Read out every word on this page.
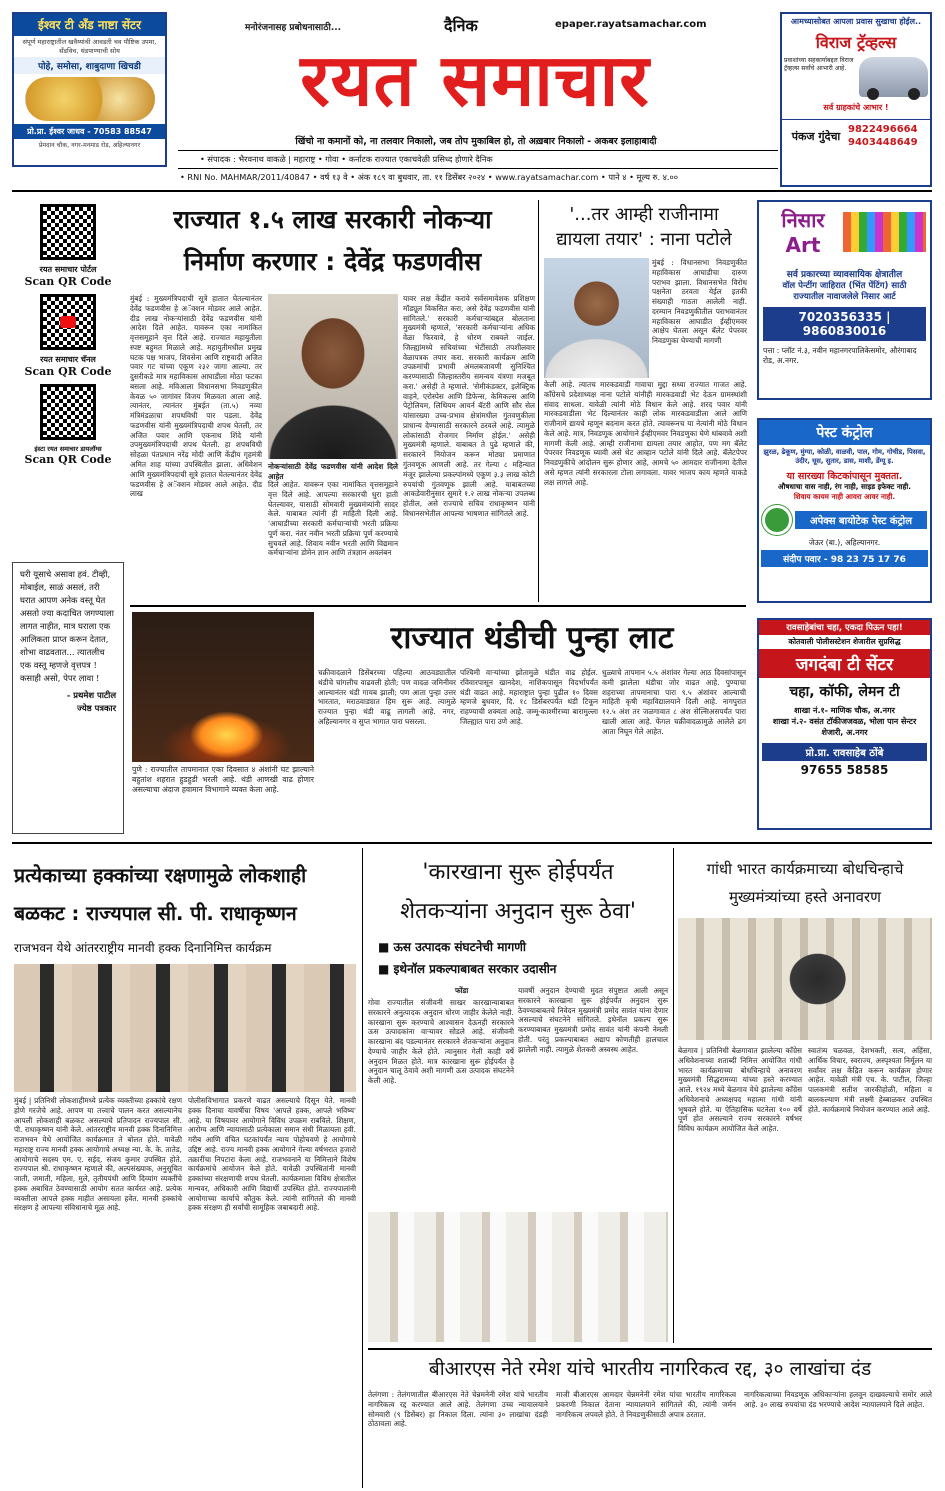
ईश्वर टी अँड नाष्टा सेंटर
संपूर्ण महाराष्ट्रातील खवैय्यांची आवडती चव पौष्टिक उपमा, सँडविच, थंडपाण्याची सोय
पोहे, समोसा, शाबुदाणा खिचडी
प्रो.प्रा. ईश्वर जाधव - 70583 88547
प्रेमदान चौक, नगर-मनमाड रोड, अहिल्यानगर
मनोरंजनासह प्रबोधनासाठी...	दैनिक	epaper.rayatsamachar.com
रयत समाचार
खिंचो ना कमानों को, ना तलवार निकालो, जब तोप मुकाबिल हो, तो अख़बार निकालो - अकबर इलाहाबादी
• संपादक : भैरवनाथ वाकळे | महाराष्ट्र • गोवा • कर्नाटक राज्यात एकाचवेळी प्रसिध्द होणारे दैनिक
• RNI No. MAHMAR/2011/40847 • वर्ष १३ वे • अंक १८९ वा बुधवार, ता. ११ डिसेंबर २०२४ • www.rayatsamachar.com • पाने ४ • मूल्य रु. ४.००
आमच्यासोबत आपला प्रवास सुखाचा होईल..
विराज ट्रॅव्हल्स
प्रवाशांच्या सहकार्याबद्दल विराज ट्रॅव्हल्स सर्वांचे आभारी आहे.
सर्व ग्राहकांचे आभार !
पंकज गुंदेचा 9822496664
9403448649
रयत समाचार पोर्टल
Scan QR Code
रयत समाचार चॅनल
Scan QR Code
इंस्टा रयत समाचार डायलॉग्स
Scan QR Code
राज्यात १.५ लाख सरकारी नोकऱ्या
निर्माण करणार : देवेंद्र फडणवीस
मुंबई : मुख्यमंत्रिपदाची सूत्रे हातात घेतल्यानंतर देवेंद्र फडणवीस हे अॅक्शन मोडवर आले आहेत. दीड लाख नोकऱ्यांसाठी देवेंद्र फडणवीस यांनी आदेश दिले आहेत. यावरून एका नामांकित वृत्तसमूहाने वृत्त दिले आहे. राज्यात महायुतीला स्पष्ट बहुमत मिळाले आहे. महायुतीमधील प्रमुख घटक पक्ष भाजप, शिवसेना आणि राष्ट्रवादी अजित पवार गट यांच्या एकूण २३२ जागा आल्या. तर दुसरीकडे मात्र महाविकास आघाडीला मोठा फटका बसला आहे. मविआला विधानसभा निवडणुकीत केवळ ५० जागांवर विजय मिळवता आला आहे. त्यानंतर, त्यानंतर मुंबईत (ता.५) नव्या मंत्रिमंडळाचा शपथविधी पार पडला. देवेंद्र फडणवीस यांनी मुख्यमंत्रिपदाची शपथ घेतली, तर अजित पवार आणि एकनाथ शिंदे यांनी उपमुख्यमंत्रिपदाची शपथ घेतली. हा शपथविधी सोहळा पंतप्रधान नरेंद्र मोदी आणि केंद्रीय गृहमंत्री अमित शाह यांच्या उपस्थितीत झाला. अधिवेशन आणि मुख्यमंत्रिपदाची सूत्रे हातात घेतल्यानंतर देवेंद्र फडणवीस हे अॅक्शन मोडवर आले आहेत. दीड लाख
नोकऱ्यांसाठी देवेंद्र फडणवीस यांनी आदेश दिले आहेत
दिले आहेत. यावरून एका नामांकित वृत्तसमूहाने वृत्त दिले आहे. आपल्या सरकारची धुरा हाती घेतल्यावर, यासाठी सोमवारी मुख्यमंत्र्यांनी सादर केले. याबाबत त्यांनी ही माहिती दिली आहे. 'आघाडीच्या सरकारी कर्मचाऱ्यांची भरती प्रक्रिया पूर्ण करा. नंतर नवीन भरती प्रक्रिया पूर्ण करण्याचे सुचवले आहे. शिवाय नवीन भरती आणि विद्यमान कर्मचाऱ्यांना डोमेन ज्ञान आणि तंत्रज्ञान अवलंबन
यावर लक्ष केंद्रीत करावे सर्वसमावेशक प्रशिक्षण मॉड्यूल विकसित करा, असे देवेंद्र फडणवीस यांनी सांगितले.' सरकारी कर्मचाऱ्यांबद्दल बोलताना मुख्यमंत्री म्हणाले, 'सरकारी कर्मचाऱ्यांना अधिक वेळा फिरवावे, हे धोरण राबवले जाईल. जिल्ह्यांमध्ये सचिवांच्या भेटींसाठी तपशीलवार वेळापत्रक तयार करा. सरकारी कार्यक्रम आणि उपक्रमांची प्रभावी अंमलबजावणी सुनिश्चित करण्यासाठी जिल्हास्तरीय समन्वय यंत्रणा मजबूत करा.' असेही ते म्हणाले. 'सेमीकंडक्टर, इलेक्ट्रिक वाहने, एरोस्पेस आणि डिफेन्स, केमिकल्स आणि पेट्रोलियम, लिथियम आयर्न बॅटरी आणि सौर सेल यांसारख्या उच्च-प्रभाव क्षेत्रांमधील गुंतवणुकीला प्राधान्य देण्यासाठी सरकारने ठरवले आहे. त्यामुळे लोकांसाठी रोजगार निर्माण होईल.' असेही मुख्यमंत्री म्हणाले. याबाबत ते पुढे म्हणाले की, सरकारने नियोजन करून मोठ्या प्रमाणात गुंतवणूक आणली आहे. तर गेल्या ८ महिन्यात मंजूर झालेल्या प्रकल्पांमध्ये एकूण ३.३ लाख कोटी रुपयांची गुंतवणूक झाली आहे. याबाबतच्या आकडेवारीनुसार सुमारे १.२ लाख नोकऱ्या उपलब्ध होतील, असे राज्याचे सचिव राधाकृष्णन यांनी विधानसभेतील आपल्या भाषणात सांगितले आहे.
'...तर आम्ही राजीनामा
द्यायला तयार' : नाना पटोले
मुंबई : विधानसभा निवडणुकीत महाविकास आघाडीचा दारुण पराभव झाला. विधानसभेत विरोध पक्षनेता ठरवता येईल इतकी संख्याही गाठता आलेली नाही. दरम्यान निवडणुकीतील पराभवानंतर महाविकास आघाडीत ईव्हीएमवर आक्षेप घेतला असून बॅलेट पेपरवर निवडणुका घेण्याची मागणी
केली आहे. त्यातच मारकडवाडी गावाचा मुद्दा सध्या राज्यात गाजत आहे. काँग्रेसचे प्रदेशाध्यक्ष नाना पटोले यांनीही मारकडवाडी भेट देऊन ग्रामस्थांशी संवाद साधला. यावेळी त्यांनी मोठे विधान केले आहे. शरद पवार यांनी मारकडवाडीला भेट दिल्यानंतर काही लोक मारकडवाडीला आले आणि राजीनामे द्यायचे म्हणून बदनाम करत होते. त्यावरूनच या नेत्यांनी मोठे विधान केले आहे. मात्र, निवडणूक आयोगाने ईव्हीएमवर निवडणुका घेणे थांबवावे अशी मागणी केली आहे. आम्ही राजीनामा द्यायला तयार आहोत, पण मग बॅलेट पेपरवर निवडणूक घ्यावी असे थेट आव्हान पटोले यांनी दिले आहे. बॅलेटपेपर निवडणुकीचे आंदोलन सुरू होणार आहे, आमचे ५० आमदार राजीनामा देतील असे म्हणत त्यांनी सरकारला टोला लगावला. यावर भाजप काय म्हणते याकडे लक्ष लागले आहे.
निसार Art
सर्व प्रकारच्या व्यावसायिक क्षेत्रातील
वॉल पेन्टींग जाहिरात (भिंत पेंटिंग) साठी
राज्यातील नावाजलेले निसार आर्ट
7020356335 | 9860830016
पत्ता : प्लॉट नं.३, नवीन महानगरपालिकेसमोर, औरंगाबाद रोड, अ.नगर.
पेस्ट कंट्रोल
झुरळ, ढेकूण, मुंग्या, कोळी, वाळवी, पाल, गोम, गोचीड, पिसवा, उंदीर, घूस, सुतार, डास, माशी, डेंग्यू इ.
या सारख्या किटकांपासून मुक्तता.
औषधाचा वास नाही, रंग नाही, साइड इफेक्ट नाही.
शिवाय कायम नाही आवरा आवर नाही.
अपेक्स बायोटेक पेस्ट कंट्रोल
जेऊर (बा.), अहिल्यानगर.
संदीप पवार - 98 23 75 17 76
रावसाहेबांचा चहा, एकदा पिऊन पहा!
कोतवाली पोलीसस्टेशन शेजारील सुप्रसिद्ध
जगदंबा टी सेंटर
चहा, कॉफी, लेमन टी
शाखा नं.१- माणिक चौक, अ.नगर
शाखा नं.२- वसंत टॉकीजजवळ, भोला पान सेन्टर शेजारी, अ.नगर
प्रो.प्रा. रावसाहेब ठोंबे
97655 58585
घरी यूसाचे असावा हवं. टीव्ही, मोबाईल, साळं असलं, तरी घरात आपण अनेक वस्तू घेत असतो ज्या कदाचित जगण्याला लागत नाहीत, मात्र घराला एक आलिकता प्राप्त करून देतात, शोभा वाढवतात... त्यातलीच एक वस्तू म्हणजे वृत्तपत्र ! कसाही असो, पेपर लावा !
- प्रथमेश पाटील
ज्येष्ठ पत्रकार
पुणे : राज्यातील तापमानात एका दिवसात ४ अंशांनी घट झाल्याने बहुतांश शहरात हुडहुडी भरली आहे. थंडी आणखी वाढ होणार असल्याचा अंदाज हवामान विभागाने व्यक्त केला आहे.
राज्यात थंडीची पुन्हा लाट
चक्रीवादळाने डिसेंबरच्या पहिल्या आठवड्यातील थंडीचे चांगलीच वाढवली होती; पण वादळ जमिनीवर आल्यानंतर थंडी गायब झाली; पण आता पुन्हा उत्तर भारतात, मराठवाड्यात हिम सुरू आहे. त्यामुळे राज्यात पुन्हा थंडी वाढू लागली आहे. नगर, अहिल्यानगर व सुप्त भागात पारा घसरला.
पश्चिमी वाऱ्यांच्या झोतामुळे थंडीत वाढ होईल. रविवारपासून खानदेश, नाशिकपासून विदर्भापर्यंत थंडी वाढत आहे. महाराष्ट्रात पुन्हा पुढील १० दिवस म्हणजे बुधवार, दि. १८ डिसेंबरपर्यंत थंडी टिकून राहण्याची शक्यता आहे. जम्मू-काश्मीरच्या बारामुल्ला जिल्ह्यात पारा उणे आहे.
धुळ्याचे तापमान ५.५ अंशांवर गेल्या आठ दिवसांपासून कमी झालेला थंडीचा जोर वाढत आहे. पुण्याचा शहराच्या तापमानाचा पारा ९.५ अंशांवर आल्याची माहिती कृषी महाविद्यालयाने दिली आहे. नागपुरात १२.५ अंश तर जळगावात ८ अंश सेल्सिअसपर्यंत पारा खाली आला आहे. फेंगल चक्रीवादळामुळे आलेले ढग आता निघून गेले आहेत.
प्रत्येकाच्या हक्कांच्या रक्षणामुळे लोकशाही
बळकट : राज्यपाल सी. पी. राधाकृष्णन
राजभवन येथे आंतरराष्ट्रीय मानवी हक्क दिनानिमित्त कार्यक्रम
मुंबई | प्रतिनिधी लोकशाहीमध्ये प्रत्येक व्यक्तीच्या हक्कांचे रक्षण होणे गरजेचे आहे. आपण या तत्त्वाचे पालन करत असल्यानेच आपली लोकशाही बळकट असल्याचे प्रतिपादन राज्यपाल सी. पी. राधाकृष्णन यांनी केले. आंतरराष्ट्रीय मानवी हक्क दिनानिमित्त राजभवन येथे आयोजित कार्यक्रमात ते बोलत होते. यावेळी महाराष्ट्र राज्य मानवी हक्क आयोगाचे अध्यक्ष न्या. के. के. तातेड, आयोगाचे सदस्य एम. ए. सईद, संजय कुमार उपस्थित होते. राज्यपाल श्री. राधाकृष्णन म्हणाले की, अल्पसंख्याक, अनुसूचित जाती, जमाती, महिला, मुले, तृतीयपंथी आणि दिव्यांग व्यक्तींचे हक्क अबाधित ठेवण्यासाठी आयोग सतत कार्यरत आहे. प्रत्येक व्यक्तीला आपले हक्क माहीत असायला हवेत. मानवी हक्कांचे संरक्षण हे आपल्या संविधानाचे मूळ आहे.
पोलीसविभागात प्रकरणे वाढत असल्याचे दिसून येते. मानवी हक्क दिनाचा यावर्षीचा विषय 'आपले हक्क, आपले भविष्य' आहे. या विषयावर आयोगाने विविध उपक्रम राबविले. शिक्षण, आरोग्य आणि न्यायासाठी प्रत्येकाला समान संधी मिळायला हवी. गरीब आणि वंचित घटकांपर्यंत न्याय पोहोचवणे हे आयोगाचे उद्दिष्ट आहे. राज्य मानवी हक्क आयोगाने गेल्या वर्षभरात हजारो तक्रारींचा निपटारा केला आहे. राजभवनाने या निमित्ताने विशेष कार्यक्रमांचे आयोजन केले होते. यावेळी उपस्थितांनी मानवी हक्कांच्या संरक्षणाची शपथ घेतली. कार्यक्रमाला विविध क्षेत्रातील मान्यवर, अधिकारी आणि विद्यार्थी उपस्थित होते. राज्यपालांनी आयोगाच्या कार्याचे कौतुक केले. त्यांनी सांगितले की मानवी हक्क संरक्षण ही सर्वांची सामूहिक जबाबदारी आहे.
'कारखाना सुरू होईपर्यंत
शेतकऱ्यांना अनुदान सुरू ठेवा'
■ ऊस उत्पादक संघटनेची मागणी
■ इथेनॉल प्रकल्पाबाबत सरकार उदासीन
फोंडा
गोवा राज्यातील संजीवनी साखर कारखान्याबाबत सरकारने अनुत्पादक अनुदान धोरण जाहीर केलेले नाही. कारखाना सुरू करण्याचे आश्वासन देऊनही सरकारने ऊस उत्पादकांना वाऱ्यावर सोडले आहे. संजीवनी कारखाना बंद पडल्यानंतर सरकारने शेतकऱ्यांना अनुदान देण्याचे जाहीर केले होते. त्यानुसार गेली काही वर्षे अनुदान मिळत होते. मात्र कारखाना सुरू होईपर्यंत हे अनुदान चालू ठेवावे अशी मागणी ऊस उत्पादक संघटनेने केली आहे.
यावर्षी अनुदान देण्याची मुदत संपुष्टात आली असून सरकारने कारखाना सुरू होईपर्यंत अनुदान सुरू ठेवण्याबाबतचे निवेदन मुख्यमंत्री प्रमोद सावंत यांना देणार असल्याचे संघटनेने सांगितले. इथेनॉल प्रकल्प सुरू करण्याबाबत मुख्यमंत्री प्रमोद सावंत यांनी कंपनी नेमली होती. परंतु प्रकल्पाबाबत अद्याप कोणतीही हालचाल झालेली नाही. त्यामुळे शेतकरी अस्वस्थ आहेत.
गांधी भारत कार्यक्रमाच्या बोधचिन्हाचे
मुख्यमंत्र्यांच्या हस्ते अनावरण
बेळगाव | प्रतिनिधी बेळगावात झालेल्या काँग्रेस अधिवेशनाच्या शताब्दी निमित्त आयोजित गांधी भारत कार्यक्रमाच्या बोधचिन्हाचे अनावरण मुख्यमंत्री सिद्धरामय्या यांच्या हस्ते करण्यात आले. १९२४ मध्ये बेळगाव येथे झालेल्या काँग्रेस अधिवेशनाचे अध्यक्षपद महात्मा गांधी यांनी भूषवले होते. या ऐतिहासिक घटनेला १०० वर्षे पूर्ण होत असल्याने राज्य सरकारने वर्षभर विविध कार्यक्रम आयोजित केले आहेत.
स्वातंत्र्य चळवळ, देशभक्ती, सत्य, अहिंसा, आर्थिक विचार, स्वराज्य, अस्पृश्यता निर्मूलन या सर्वांवर लक्ष केंद्रित करून कार्यक्रम होणार आहेत. यावेळी मंत्री एच. के. पाटील, जिल्हा पालकमंत्री सतीश जारकीहोळी, महिला व बालकल्याण मंत्री लक्ष्मी हेब्बाळकर उपस्थित होते. कार्यक्रमाचे नियोजन करण्यात आले आहे.
बीआरएस नेते रमेश यांचे भारतीय नागरिकत्व रद्द, ३० लाखांचा दंड
तेलंगणा : तेलंगणातील बीआरएस नेते चेन्नमनेनी रमेश यांचे भारतीय नागरिकत्व रद्द करण्यात आले आहे. तेलंगणा उच्च न्यायालयाने सोमवारी (९ डिसेंबर) हा निकाल दिला. त्यांना ३० लाखांचा दंडही ठोठावला आहे.
माजी बीआरएस आमदार चेन्नमनेनी रमेश यांचा भारतीय नागरिकत्व प्रकरणी निकाल देताना न्यायालयाने सांगितले की, त्यांनी जर्मन नागरिकत्व लपवले होते. ते निवडणुकीसाठी अपात्र ठरतात.
नागरिकत्वाच्या निवडणूक अधिकाऱ्यांना हलवून दाखवल्याचे समोर आले आहे. ३० लाख रुपयांचा दंड भरण्याचे आदेश न्यायालयाने दिले आहेत.
